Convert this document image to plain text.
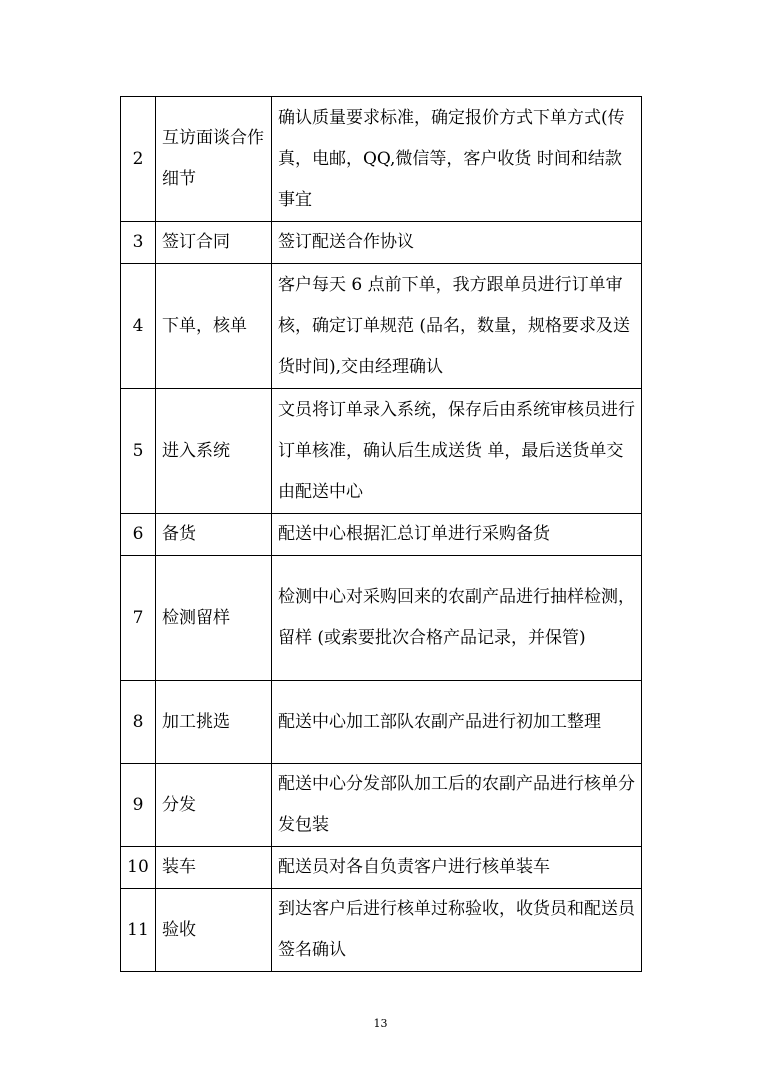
2	互访面谈合作细节	确认质量要求标准，确定报价方式下单方式(传真，电邮，QQ,微信等，客户收货 时间和结款事宜
3	签订合同	签订配送合作协议
4	下单，核单	客户每天 6 点前下单，我方跟单员进行订单审核，确定订单规范 (品名，数量，规格要求及送货时间),交由经理确认
5	进入系统	文员将订单录入系统，保存后由系统审核员进行订单核准，确认后生成送货 单，最后送货单交由配送中心
6	备货	配送中心根据汇总订单进行采购备货
7	检测留样	检测中心对采购回来的农副产品进行抽样检测，留样 (或索要批次合格产品记录，并保管)
8	加工挑选	配送中心加工部队农副产品进行初加工整理
9	分发	配送中心分发部队加工后的农副产品进行核单分发包装
10	装车	配送员对各自负责客户进行核单装车
11	验收	到达客户后进行核单过称验收，收货员和配送员签名确认
13
